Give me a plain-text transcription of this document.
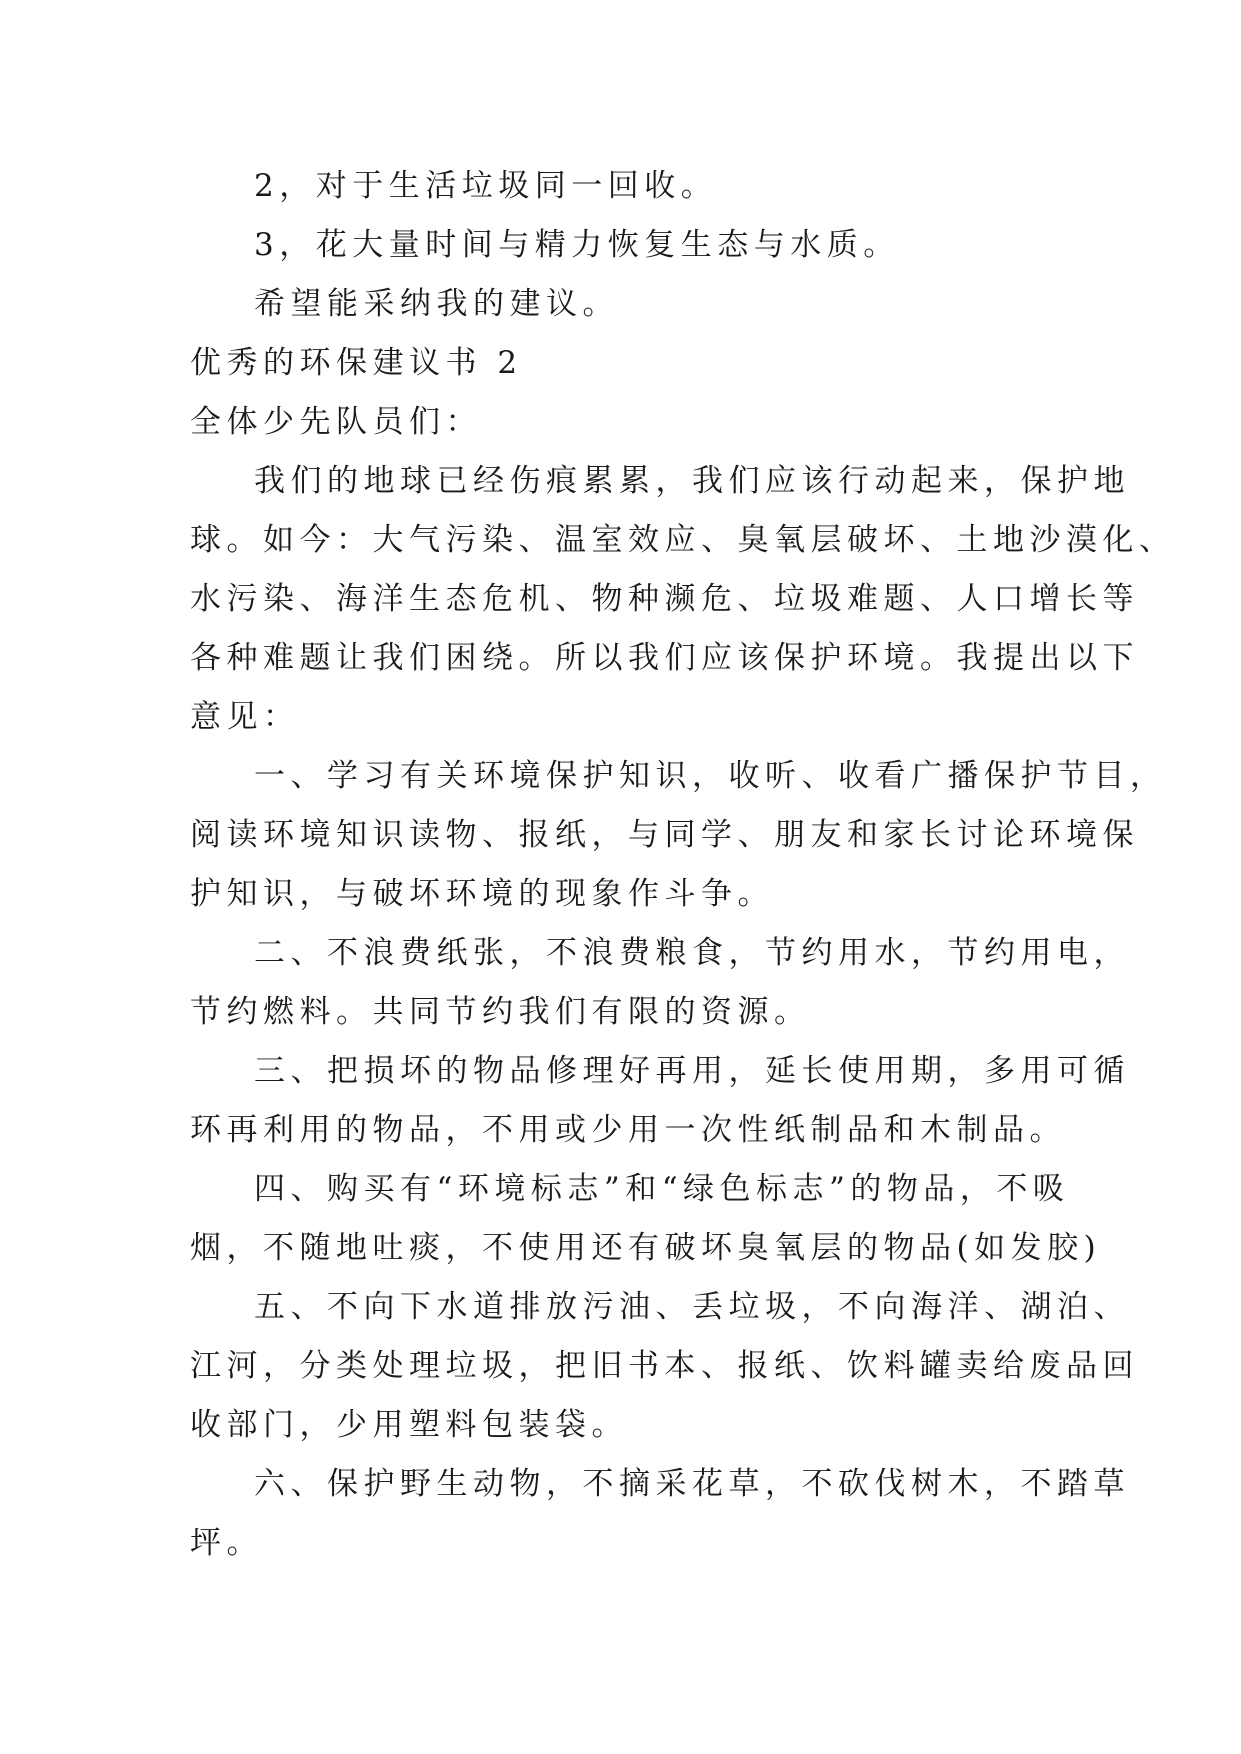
2，对于生活垃圾同一回收。

3，花大量时间与精力恢复生态与水质。

希望能采纳我的建议。

优秀的环保建议书 2

全体少先队员们：

我们的地球已经伤痕累累，我们应该行动起来，保护地
球。如今：大气污染、温室效应、臭氧层破坏、土地沙漠化、
水污染、海洋生态危机、物种濒危、垃圾难题、人口增长等
各种难题让我们困绕。所以我们应该保护环境。我提出以下
意见：

一、学习有关环境保护知识，收听、收看广播保护节目，
阅读环境知识读物、报纸，与同学、朋友和家长讨论环境保
护知识，与破坏环境的现象作斗争。

二、不浪费纸张，不浪费粮食，节约用水，节约用电，
节约燃料。共同节约我们有限的资源。

三、把损坏的物品修理好再用，延长使用期，多用可循
环再利用的物品，不用或少用一次性纸制品和木制品。

四、购买有“环境标志”和“绿色标志”的物品，不吸
烟，不随地吐痰，不使用还有破坏臭氧层的物品(如发胶)

五、不向下水道排放污油、丢垃圾，不向海洋、湖泊、
江河，分类处理垃圾，把旧书本、报纸、饮料罐卖给废品回
收部门，少用塑料包装袋。

六、保护野生动物，不摘采花草，不砍伐树木，不踏草
坪。
